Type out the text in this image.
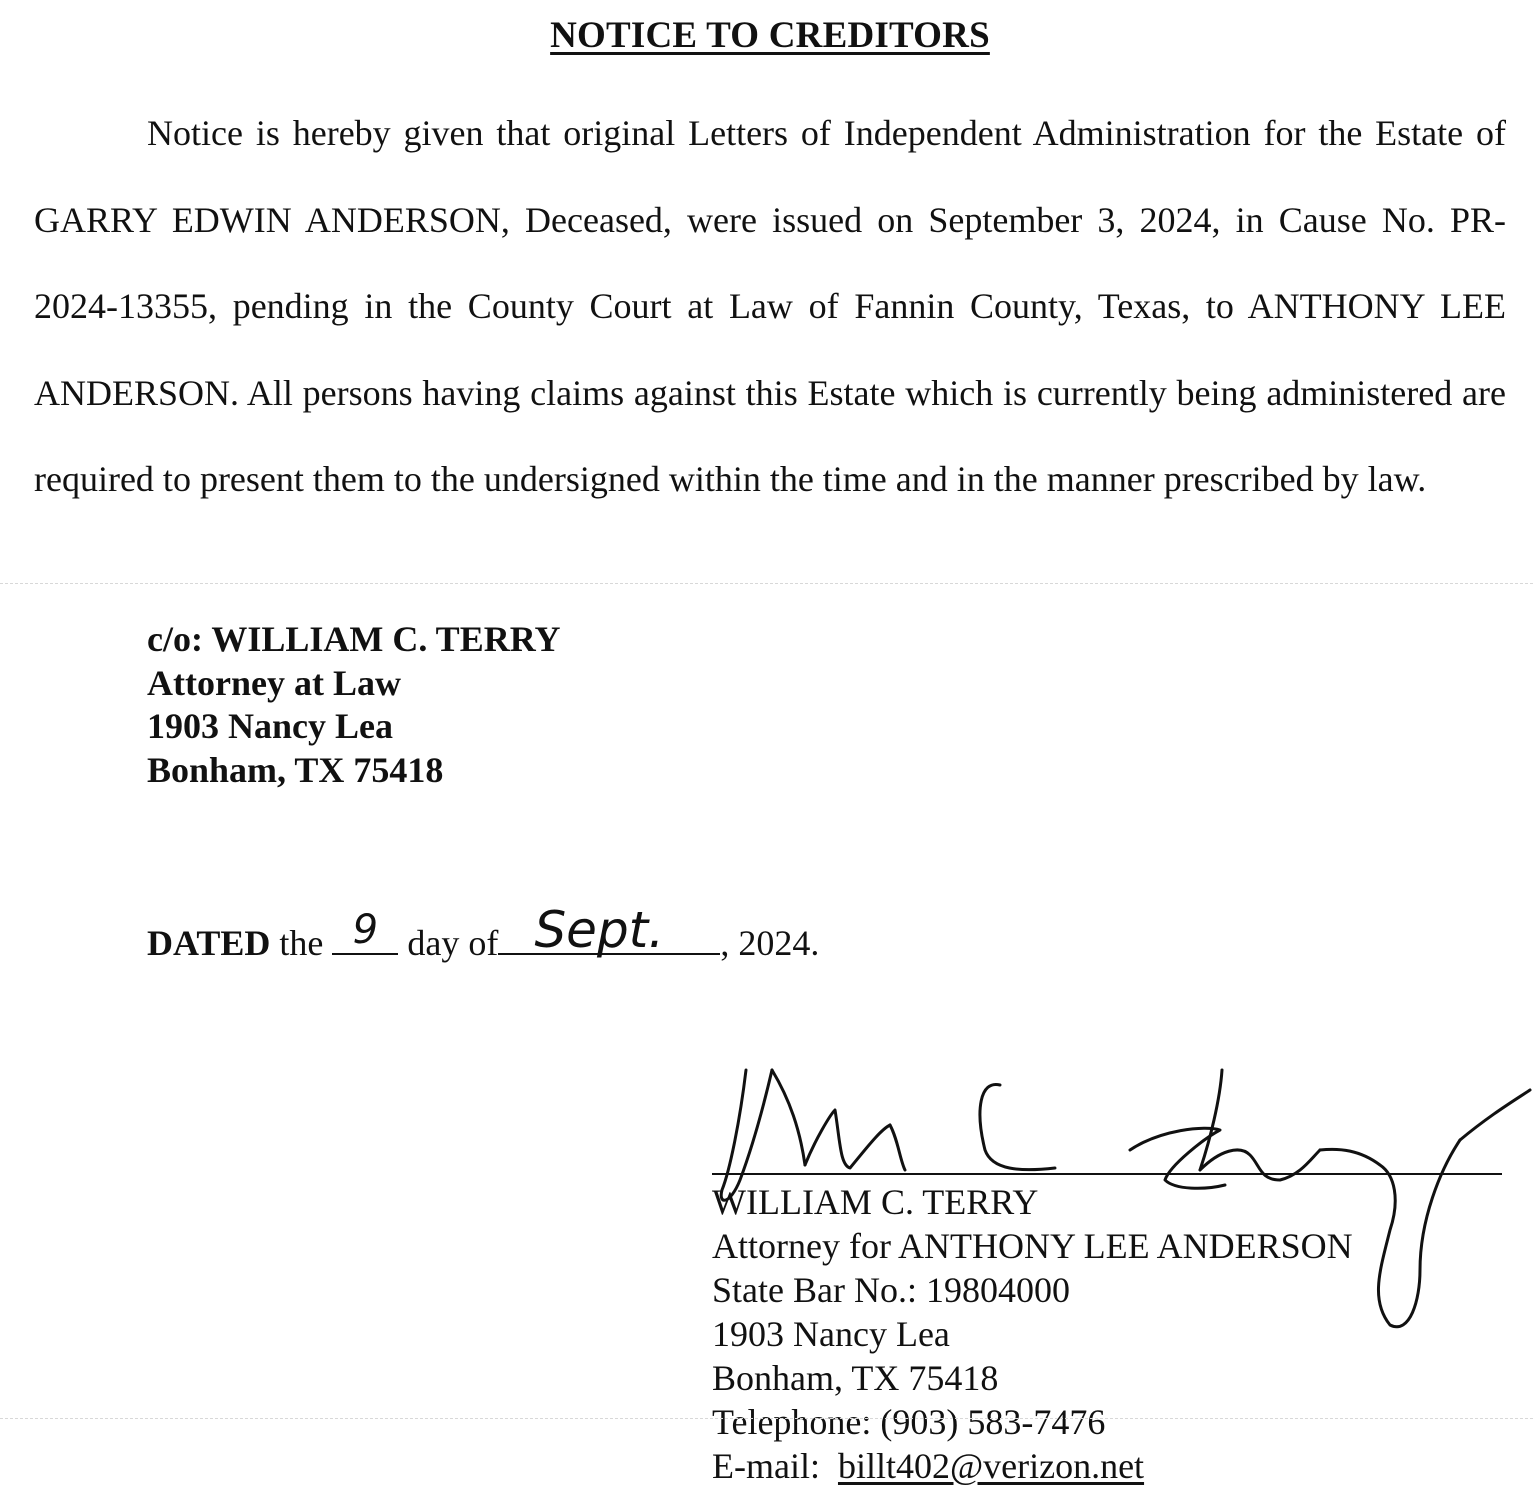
NOTICE TO CREDITORS

Notice is hereby given that original Letters of Independent Administration for the Estate of GARRY EDWIN ANDERSON, Deceased, were issued on September 3, 2024, in Cause No. PR-2024-13355, pending in the County Court at Law of Fannin County, Texas, to ANTHONY LEE ANDERSON. All persons having claims against this Estate which is currently being administered are required to present them to the undersigned within the time and in the manner prescribed by law.

c/o: WILLIAM C. TERRY
Attorney at Law
1903 Nancy Lea
Bonham, TX 75418
DATED the 9 day of Sept.	, 2024.
WILLIAM C. TERRY
Attorney for ANTHONY LEE ANDERSON
State Bar No.: 19804000
1903 Nancy Lea
Bonham, TX 75418
Telephone: (903) 583-7476
E-mail:  billt402@verizon.net
